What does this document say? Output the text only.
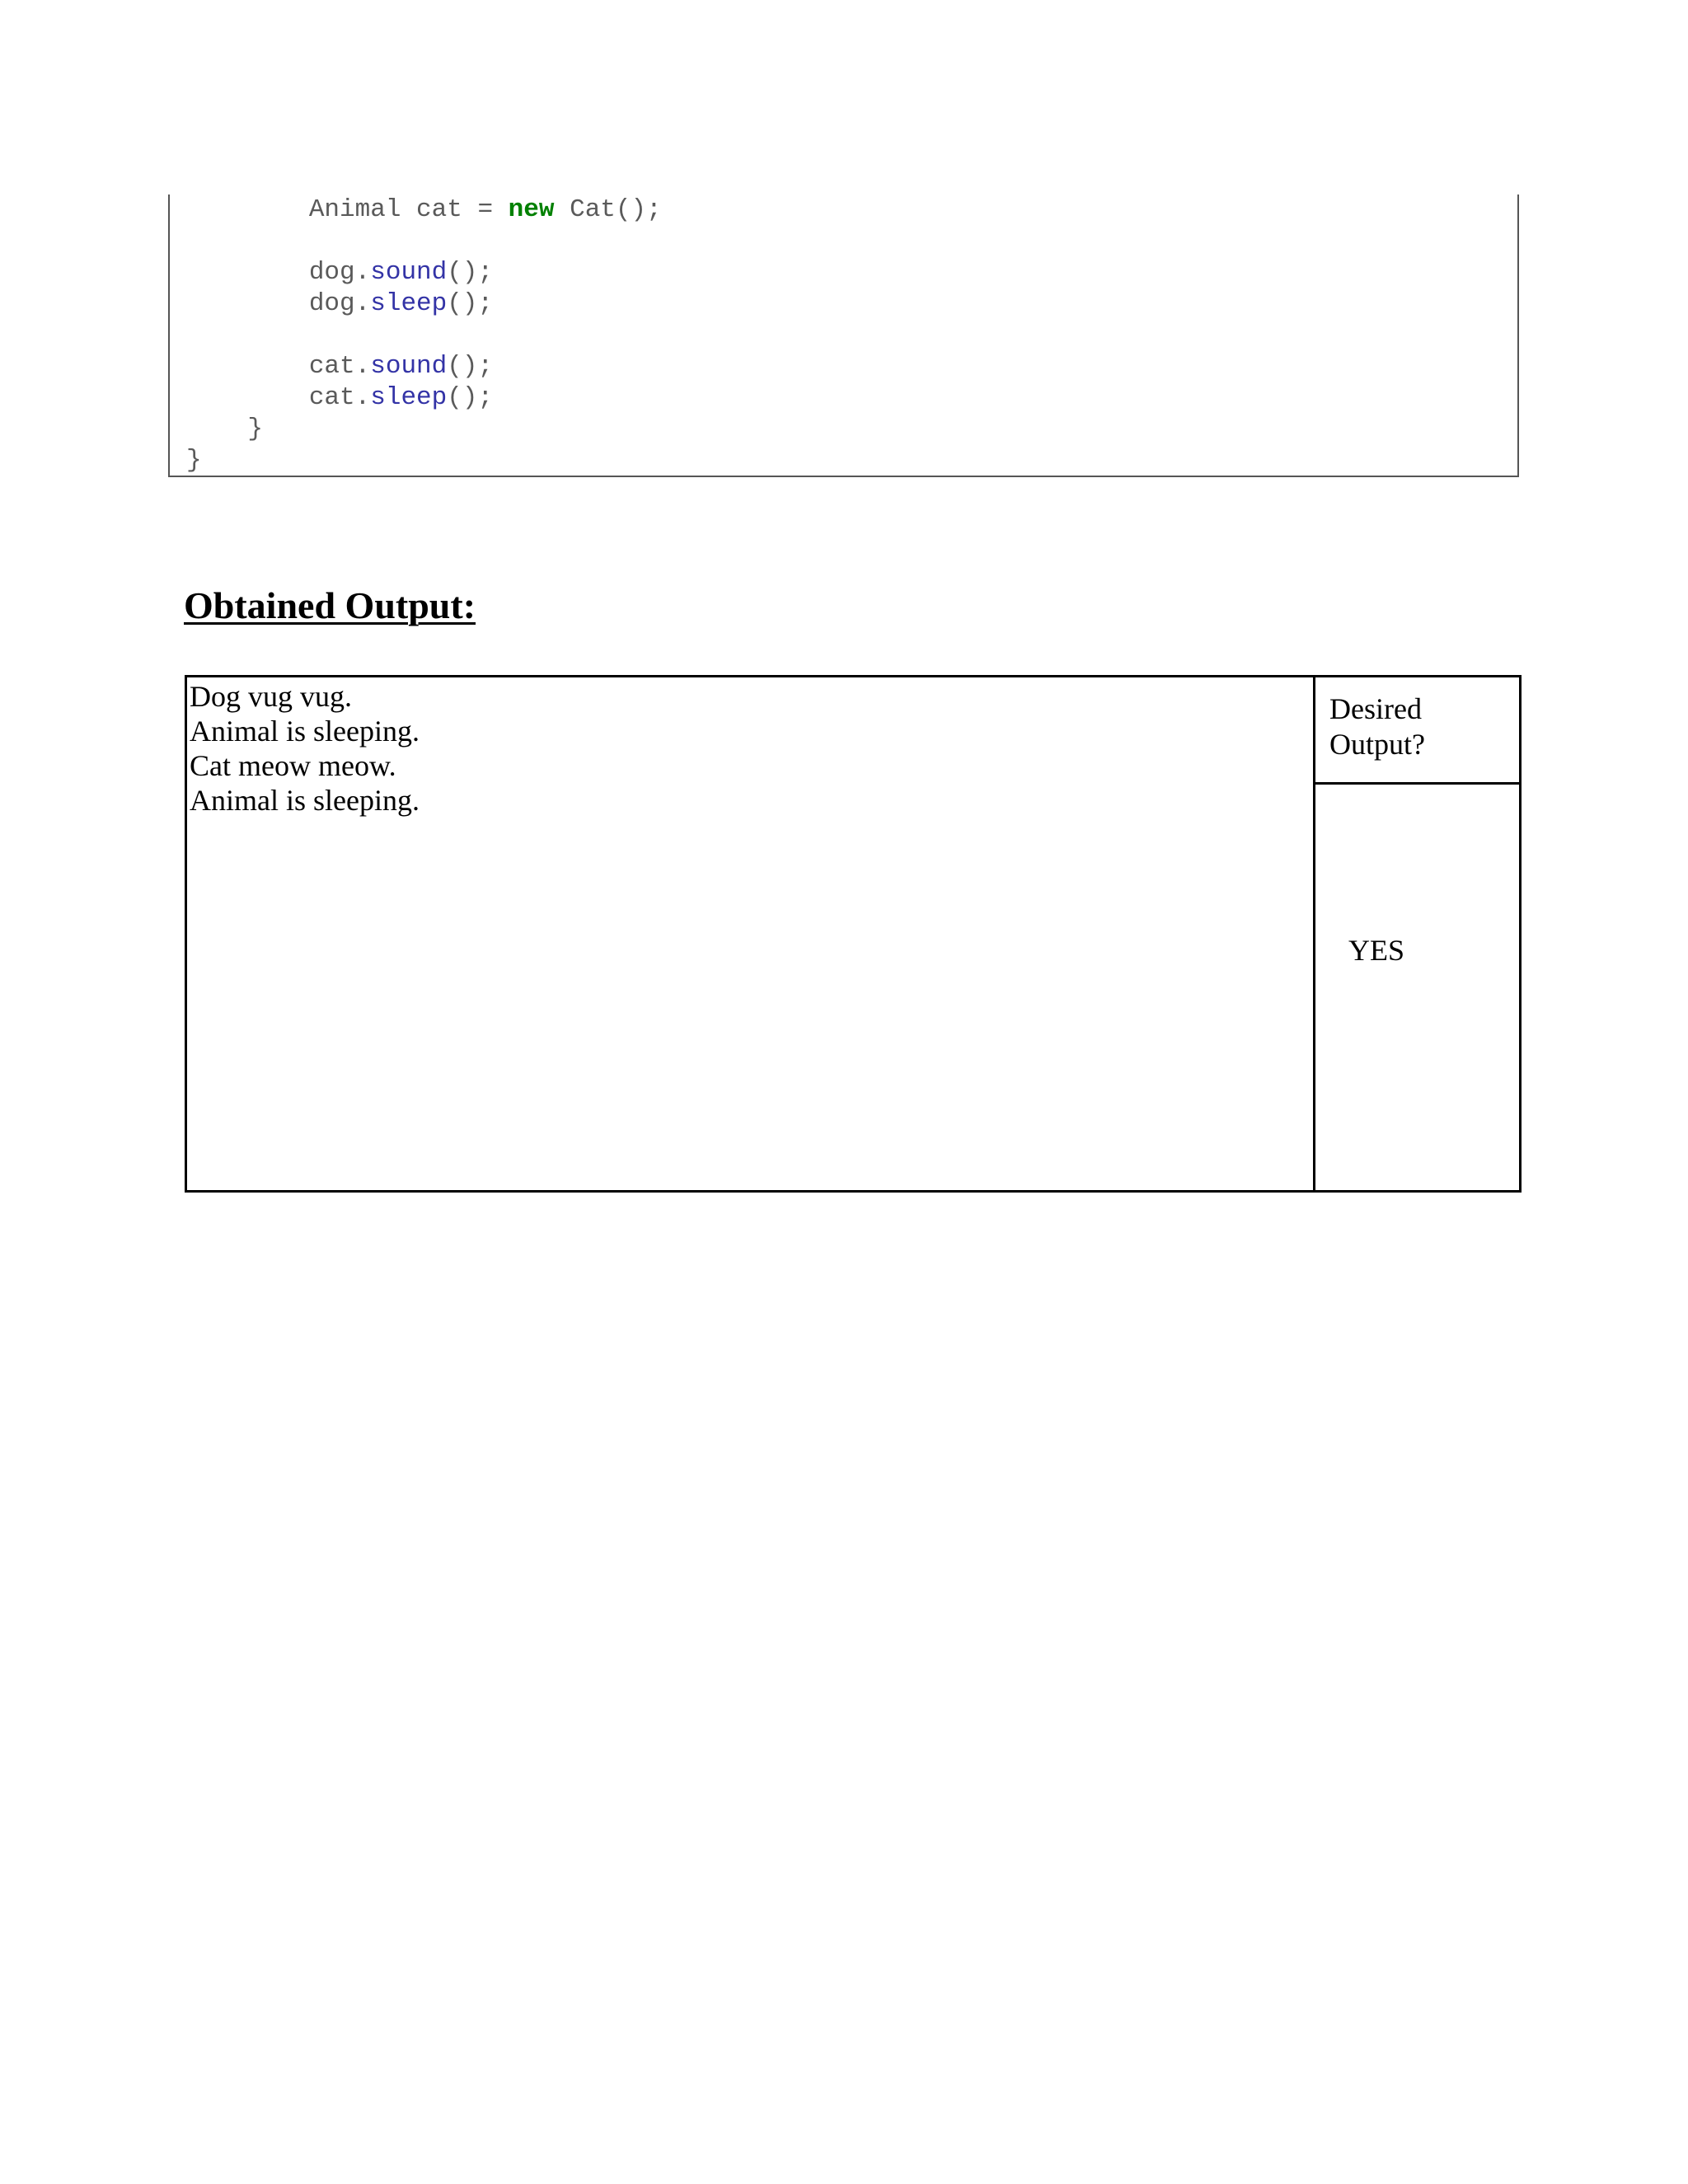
Animal cat = new Cat();

dog.sound();

dog.sleep();

cat.sound();

cat.sleep();

}

}

Obtained Output:

Dog vug vug.

Animal is sleeping.

Cat meow meow.

Animal is sleeping.

Desired
Output?
YES
